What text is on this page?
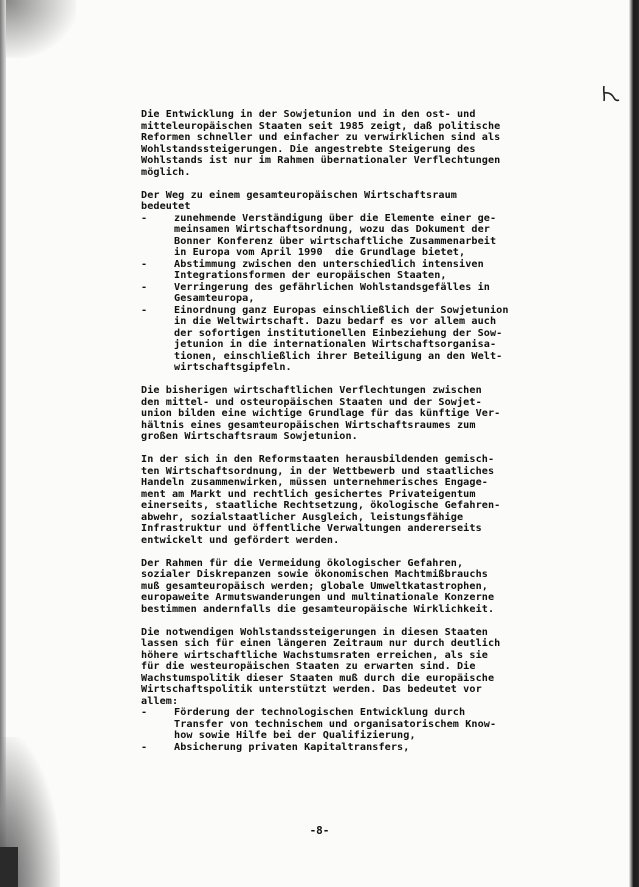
Die Entwicklung in der Sowjetunion und in den ost- und
mitteleuropäischen Staaten seit 1985 zeigt, daß politische
Reformen schneller und einfacher zu verwirklichen sind als
Wohlstandssteigerungen. Die angestrebte Steigerung des
Wohlstands ist nur im Rahmen übernationaler Verflechtungen
möglich.
Der Weg zu einem gesamteuropäischen Wirtschaftsraum
bedeutet
-	zunehmende Verständigung über die Elemente einer ge-
meinsamen Wirtschaftsordnung, wozu das Dokument der
Bonner Konferenz über wirtschaftliche Zusammenarbeit
in Europa vom April 1990  die Grundlage bietet,
-	Abstimmung zwischen den unterschiedlich intensiven
Integrationsformen der europäischen Staaten,
-	Verringerung des gefährlichen Wohlstandsgefälles in
Gesamteuropa,
-	Einordnung ganz Europas einschließlich der Sowjetunion
in die Weltwirtschaft. Dazu bedarf es vor allem auch
der sofortigen institutionellen Einbeziehung der Sow-
jetunion in die internationalen Wirtschaftsorganisa-
tionen, einschließlich ihrer Beteiligung an den Welt-
wirtschaftsgipfeln.
Die bisherigen wirtschaftlichen Verflechtungen zwischen
den mittel- und osteuropäischen Staaten und der Sowjet-
union bilden eine wichtige Grundlage für das künftige Ver-
hältnis eines gesamteuropäischen Wirtschaftsraumes zum
großen Wirtschaftsraum Sowjetunion.
In der sich in den Reformstaaten herausbildenden gemisch-
ten Wirtschaftsordnung, in der Wettbewerb und staatliches
Handeln zusammenwirken, müssen unternehmerisches Engage-
ment am Markt und rechtlich gesichertes Privateigentum
einerseits, staatliche Rechtsetzung, ökologische Gefahren-
abwehr, sozialstaatlicher Ausgleich, leistungsfähige
Infrastruktur und öffentliche Verwaltungen andererseits
entwickelt und gefördert werden.
Der Rahmen für die Vermeidung ökologischer Gefahren,
sozialer Diskrepanzen sowie ökonomischen Machtmißbrauchs
muß gesamteuropäisch werden; globale Umweltkatastrophen,
europaweite Armutswanderungen und multinationale Konzerne
bestimmen andernfalls die gesamteuropäische Wirklichkeit.
Die notwendigen Wohlstandssteigerungen in diesen Staaten
lassen sich für einen längeren Zeitraum nur durch deutlich
höhere wirtschaftliche Wachstumsraten erreichen, als sie
für die westeuropäischen Staaten zu erwarten sind. Die
Wachstumspolitik dieser Staaten muß durch die europäische
Wirtschaftspolitik unterstützt werden. Das bedeutet vor
allem:
-	Förderung der technologischen Entwicklung durch
Transfer von technischem und organisatorischem Know-
how sowie Hilfe bei der Qualifizierung,
-	Absicherung privaten Kapitaltransfers,
-8-
